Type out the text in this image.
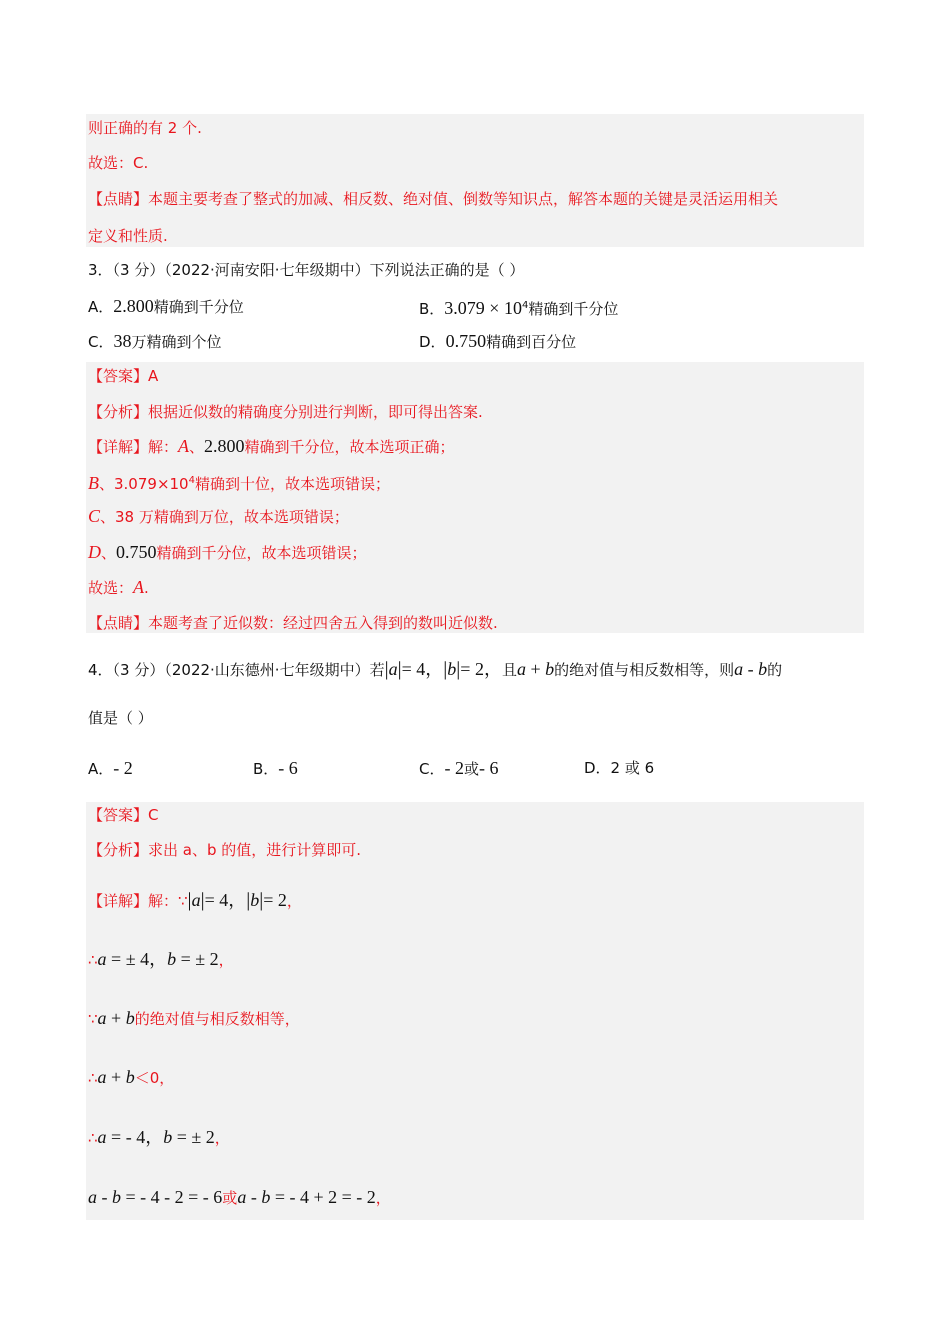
则正确的有 2 个.
故选：C.
【点睛】本题主要考查了整式的加减、相反数、绝对值、倒数等知识点，解答本题的关键是灵活运用相关
定义和性质.
3．（3 分）（2022·河南安阳·七年级期中）下列说法正确的是（ ）
A．2.800精确到千分位	B．$3.079 \times 10^4$精确到千分位
C．38万精确到个位	D．0.750精确到百分位
【答案】A
【分析】根据近似数的精确度分别进行判断，即可得出答案.
【详解】解：A、2.800精确到千分位，故本选项正确；
B、$3.079\times 10^4$精确到十位，故本选项错误；
C、38 万精确到万位，故本选项错误；
D、0.750精确到千分位，故本选项错误；
故选：A.
【点睛】本题考查了近似数：经过四舍五入得到的数叫近似数.
4．（3 分）（2022·山东德州·七年级期中）若|a|= 4，|b|= 2，且a + b的绝对值与相反数相等，则a - b的
值是（ ）
A．- 2	B．- 6	C．- 2或- 6	D．2 或 6
【答案】C
【分析】求出 a、b 的值，进行计算即可.
【详解】解：∵|a|= 4，|b|= 2，
∴a = ± 4，b = ± 2，
∵a + b的绝对值与相反数相等，
∴a + b＜0，
∴a = - 4，b = ± 2，
a - b = - 4 - 2 = - 6或a - b = - 4 + 2 = - 2，
